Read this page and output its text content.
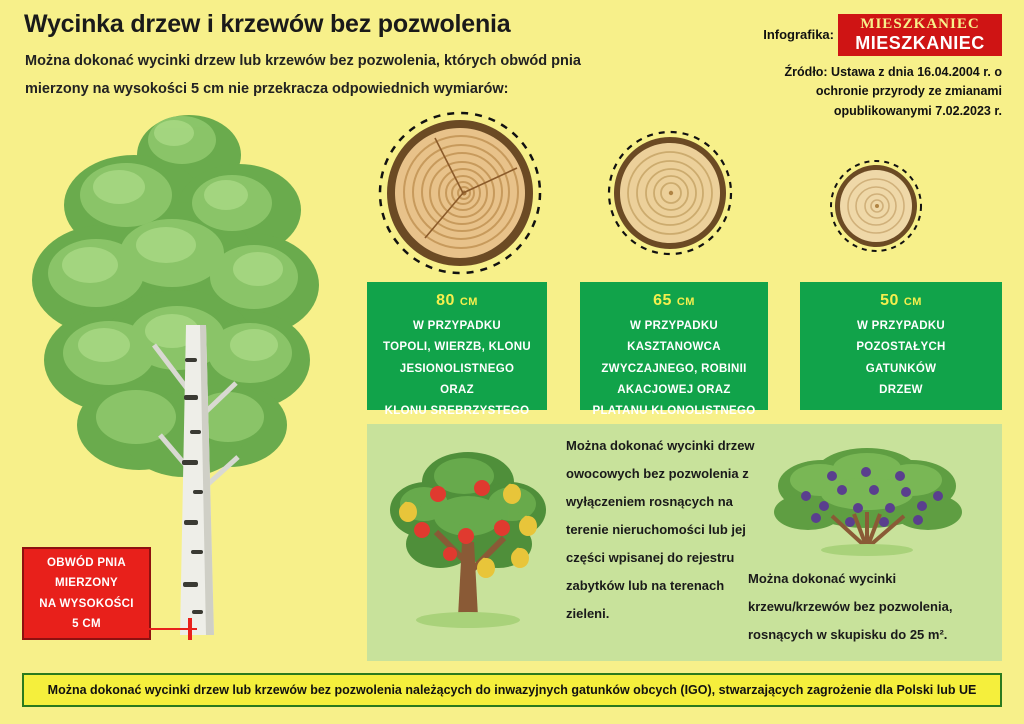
Wycinka drzew i krzewów bez pozwolenia
Można dokonać wycinki drzew lub krzewów bez pozwolenia, których obwód pnia mierzony na wysokości 5 cm nie przekracza odpowiednich wymiarów:
Infografika:
MIESZKANIEC
MIESZKANIEC
Źródło: Ustawa z dnia 16.04.2004 r. o ochronie przyrody ze zmianami opublikowanymi 7.02.2023 r.
OBWÓD PNIA
MIERZONY
NA WYSOKOŚCI
5 CM
80 CM
W PRZYPADKU
TOPOLI, WIERZB, KLONU
JESIONOLISTNEGO
ORAZ
KLONU SREBRZYSTEGO
65 CM
W PRZYPADKU
KASZTANOWCA
ZWYCZAJNEGO, ROBINII
AKACJOWEJ ORAZ
PLATANU KLONOLISTNEGO
50 CM
W PRZYPADKU
POZOSTAŁYCH
GATUNKÓW
DRZEW
Można dokonać wycinki drzew owocowych bez pozwolenia z wyłączeniem rosnących na terenie nieruchomości lub jej części wpisanej do rejestru zabytków lub na terenach zieleni.
Można dokonać wycinki krzewu/krzewów bez pozwolenia, rosnących w skupisku do 25 m².
Można dokonać wycinki drzew lub krzewów bez pozwolenia należących do inwazyjnych gatunków obcych (IGO), stwarzających zagrożenie dla Polski lub UE
